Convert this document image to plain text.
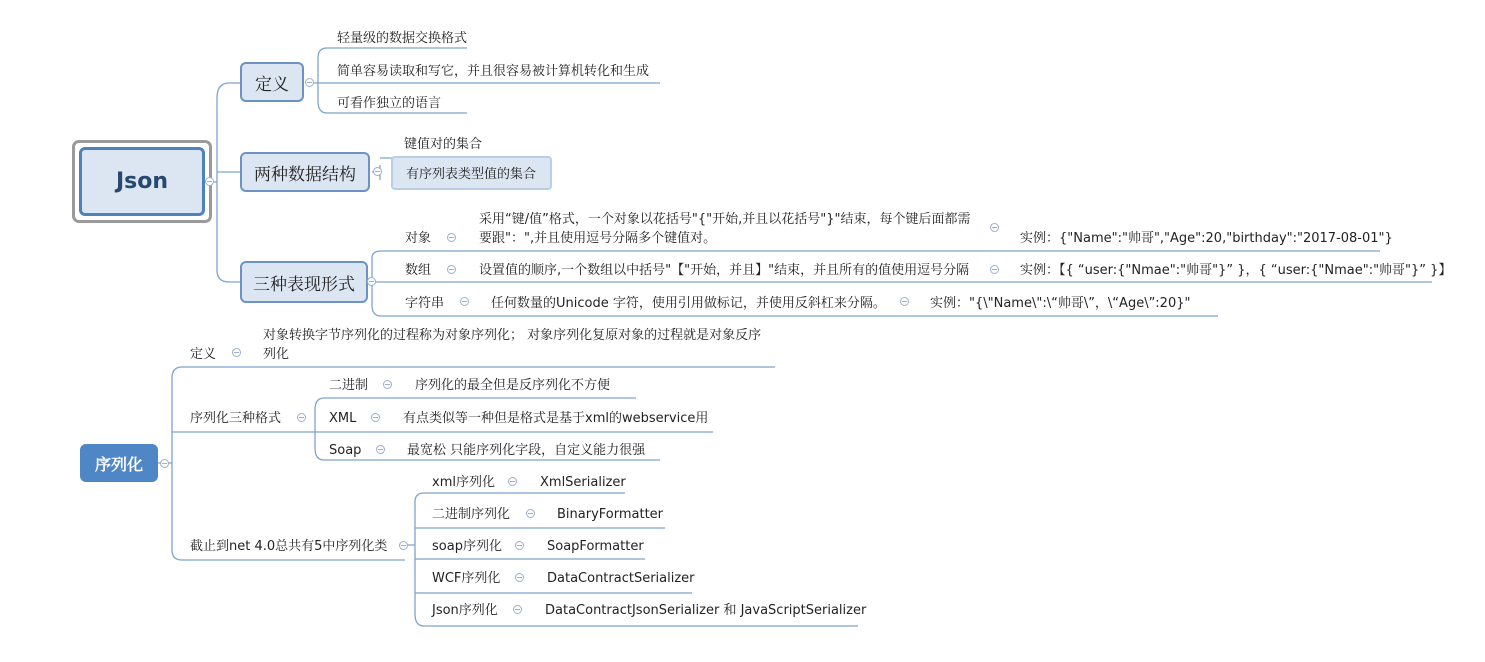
Json
定义
轻量级的数据交换格式
简单容易读取和写它，并且很容易被计算机转化和生成
可看作独立的语言
两种数据结构
键值对的集合
有序列表类型值的集合
三种表现形式
对象
采用“键/值”格式，一个对象以花括号"{"开始,并且以花括号"}"结束，每个键后面都需
要跟"：",并且使用逗号分隔多个键值对。	实例：{"Name":"帅哥","Age":20,"birthday":"2017-08-01"}
数组	设置值的顺序,一个数组以中括号"【"开始，并且】"结束，并且所有的值使用逗号分隔	实例：【{ “user:{"Nmae":"帅哥"}” }，{ “user:{"Nmae":"帅哥"}” }】
字符串	任何数量的Unicode 字符，使用引用做标记，并使用反斜杠来分隔。	实例："{\"Name\":\“帅哥\”，\“Age\”:20}"
序列化
定义
对象转换字节序列化的过程称为对象序列化； 对象序列化复原对象的过程就是对象反序
列化
序列化三种格式
二进制	序列化的最全但是反序列化不方便
XML	有点类似等一种但是格式是基于xml的webservice用
Soap	最宽松 只能序列化字段，自定义能力很强
截止到net 4.0总共有5中序列化类
xml序列化	XmlSerializer
二进制序列化	BinaryFormatter
soap序列化	SoapFormatter
WCF序列化	DataContractSerializer
Json序列化	DataContractJsonSerializer 和 JavaScriptSerializer
